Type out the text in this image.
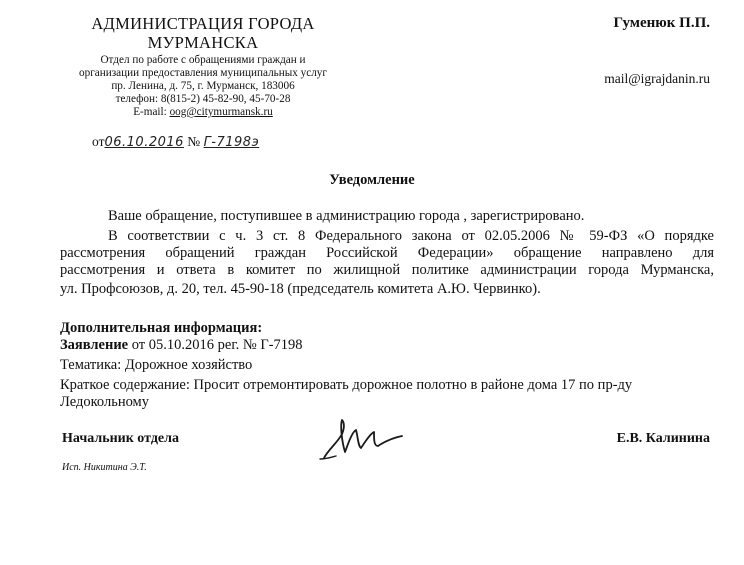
АДМИНИСТРАЦИЯ ГОРОДА
МУРМАНСКА
Отдел по работе с обращениями граждан и
организации предоставления муниципальных услуг
пр. Ленина, д. 75, г. Мурманск, 183006
телефон: 8(815-2) 45-82-90, 45-70-28
E-mail: oog@citymurmansk.ru
Гуменюк П.П.
mail@igrajdanin.ru
от06.10.2016 № Г-7198э
Уведомление
Ваше обращение, поступившее в администрацию города , зарегистрировано.
В соответствии с ч. 3 ст. 8 Федерального закона от 02.05.2006 № 59-ФЗ «О порядке
рассмотрения обращений граждан Российской Федерации» обращение направлено для
рассмотрения и ответа в комитет по жилищной политике администрации города Мурманска,
ул. Профсоюзов, д. 20, тел. 45-90-18 (председатель комитета А.Ю. Червинко).
Дополнительная информация:
Заявление от 05.10.2016 рег. № Г-7198
Тематика: Дорожное хозяйство
Краткое содержание: Просит отремонтировать дорожное полотно в районе дома 17 по пр-ду
Ледокольному
Начальник отдела	Е.В. Калинина
Исп. Никитина Э.Т.
